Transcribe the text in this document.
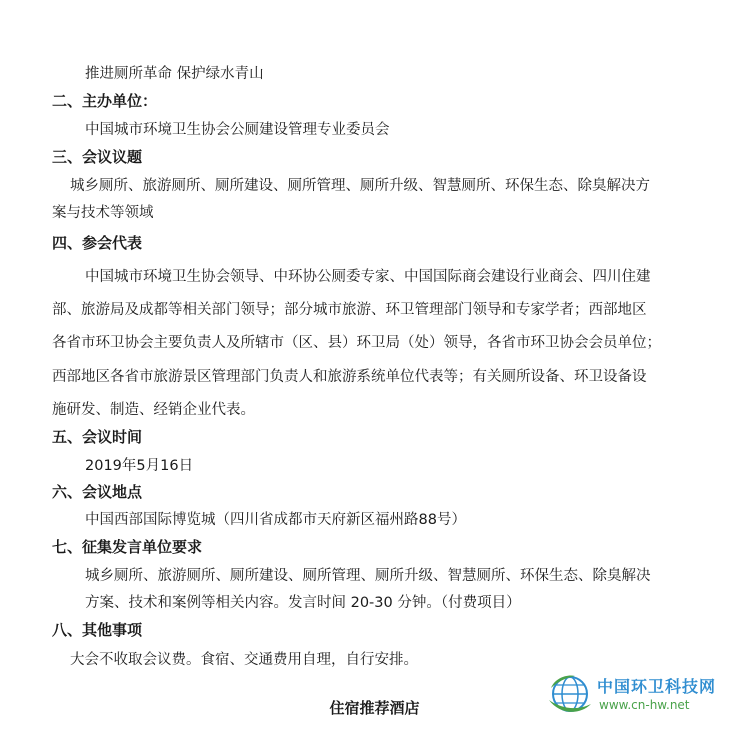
推进厕所革命 保护绿水青山
二、主办单位：
中国城市环境卫生协会公厕建设管理专业委员会
三、会议议题
城乡厕所、旅游厕所、厕所建设、厕所管理、厕所升级、智慧厕所、环保生态、除臭解决方
案与技术等领域
四、参会代表
中国城市环境卫生协会领导、中环协公厕委专家、中国国际商会建设行业商会、四川住建
部、旅游局及成都等相关部门领导；部分城市旅游、环卫管理部门领导和专家学者；西部地区
各省市环卫协会主要负责人及所辖市（区、县）环卫局（处）领导，各省市环卫协会会员单位；
西部地区各省市旅游景区管理部门负责人和旅游系统单位代表等；有关厕所设备、环卫设备设
施研发、制造、经销企业代表。
五、会议时间
2019年5月16日
六、会议地点
中国西部国际博览城（四川省成都市天府新区福州路88号）
七、征集发言单位要求
城乡厕所、旅游厕所、厕所建设、厕所管理、厕所升级、智慧厕所、环保生态、除臭解决
方案、技术和案例等相关内容。发言时间 20-30 分钟。（付费项目）
八、其他事项
大会不收取会议费。食宿、交通费用自理，自行安排。
住宿推荐酒店
中国环卫科技网
www.cn-hw.net
